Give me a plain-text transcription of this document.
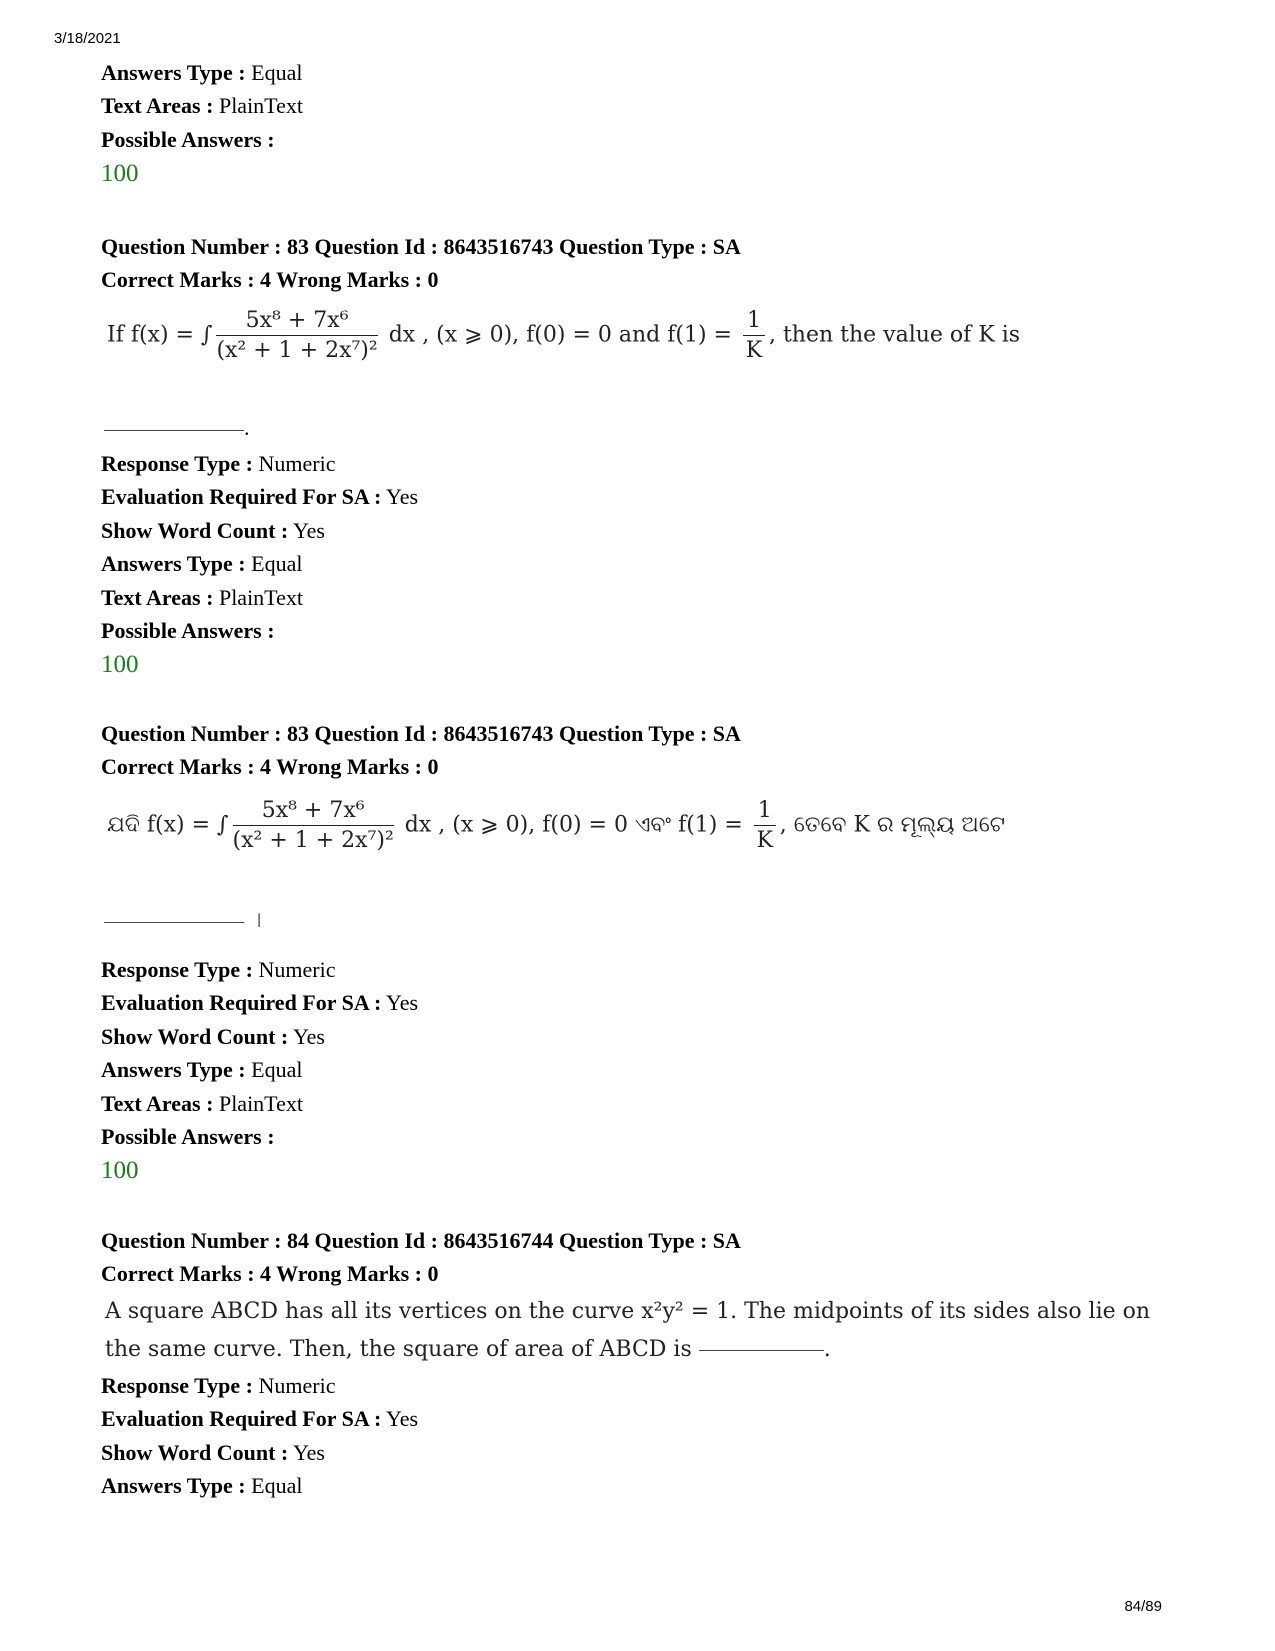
3/18/2021
Answers Type : Equal
Text Areas : PlainText
Possible Answers :
100
Question Number : 83 Question Id : 8643516743 Question Type : SA
Correct Marks : 4 Wrong Marks : 0
If f(x) = ∫ $\frac{\text{5x⁸ + 7x⁶}}{\text{(x² + 1 + 2x⁷)²}}$ dx , (x ⩾ 0), f(0) = 0 and $f(1) = \frac{1}{K}$ , then the value of K is
.
Response Type : Numeric
Evaluation Required For SA : Yes
Show Word Count : Yes
Answers Type : Equal
Text Areas : PlainText
Possible Answers :
100
Question Number : 83 Question Id : 8643516743 Question Type : SA
Correct Marks : 4 Wrong Marks : 0
ଯଦି f(x) = ∫ $\frac{\text{5x⁸ + 7x⁶}}{\text{(x² + 1 + 2x⁷)²}}$ dx , (x ⩾ 0), f(0) = 0 ଏବଂ $f(1) = \frac{1}{K}$ , ତେବେ K ର ମୂଲ୍ୟ ଅଟେ
।
Response Type : Numeric
Evaluation Required For SA : Yes
Show Word Count : Yes
Answers Type : Equal
Text Areas : PlainText
Possible Answers :
100
Question Number : 84 Question Id : 8643516744 Question Type : SA
Correct Marks : 4 Wrong Marks : 0
A square ABCD has all its vertices on the curve x²y² = 1. The midpoints of its sides also lie on
the same curve. Then, the square of area of ABCD is	.
Response Type : Numeric
Evaluation Required For SA : Yes
Show Word Count : Yes
Answers Type : Equal
84/89
